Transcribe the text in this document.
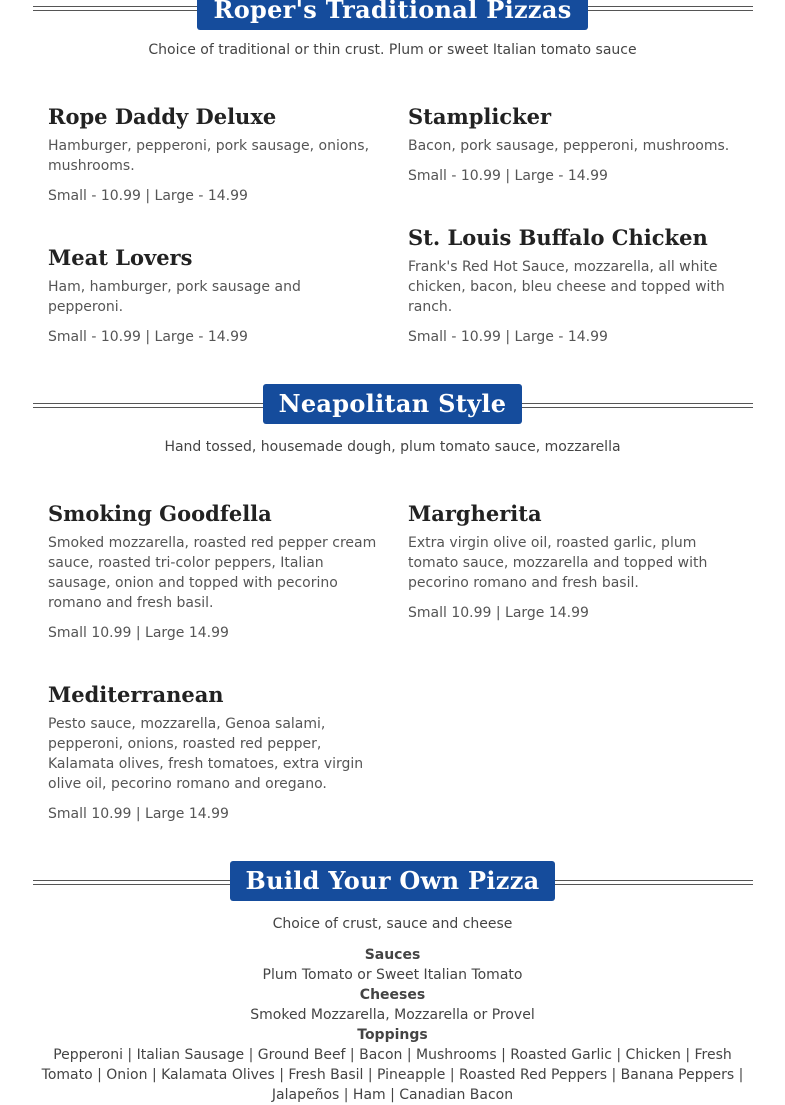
Roper's Traditional Pizzas
Choice of traditional or thin crust. Plum or sweet Italian tomato sauce
Rope Daddy Deluxe
Hamburger, pepperoni, pork sausage, onions, mushrooms.
Small - 10.99 | Large - 14.99
Stamplicker
Bacon, pork sausage, pepperoni, mushrooms.
Small - 10.99 | Large - 14.99
Meat Lovers
Ham, hamburger, pork sausage and pepperoni.
Small - 10.99 | Large - 14.99
St. Louis Buffalo Chicken
Frank's Red Hot Sauce, mozzarella, all white chicken, bacon, bleu cheese and topped with ranch.
Small - 10.99 | Large - 14.99
Neapolitan Style
Hand tossed, housemade dough, plum tomato sauce, mozzarella
Smoking Goodfella
Smoked mozzarella, roasted red pepper cream sauce, roasted tri-color peppers, Italian sausage, onion and topped with pecorino romano and fresh basil.
Small 10.99 | Large 14.99
Margherita
Extra virgin olive oil, roasted garlic, plum tomato sauce, mozzarella and topped with pecorino romano and fresh basil.
Small 10.99 | Large 14.99
Mediterranean
Pesto sauce, mozzarella, Genoa salami, pepperoni, onions, roasted red pepper, Kalamata olives, fresh tomatoes, extra virgin olive oil, pecorino romano and oregano.
Small 10.99 | Large 14.99
Build Your Own Pizza
Choice of crust, sauce and cheese
Sauces
Plum Tomato or Sweet Italian Tomato
Cheeses
Smoked Mozzarella, Mozzarella or Provel
Toppings
Pepperoni | Italian Sausage | Ground Beef | Bacon | Mushrooms | Roasted Garlic | Chicken | Fresh Tomato | Onion | Kalamata Olives | Fresh Basil | Pineapple | Roasted Red Peppers | Banana Peppers | Jalapeños | Ham | Canadian Bacon
